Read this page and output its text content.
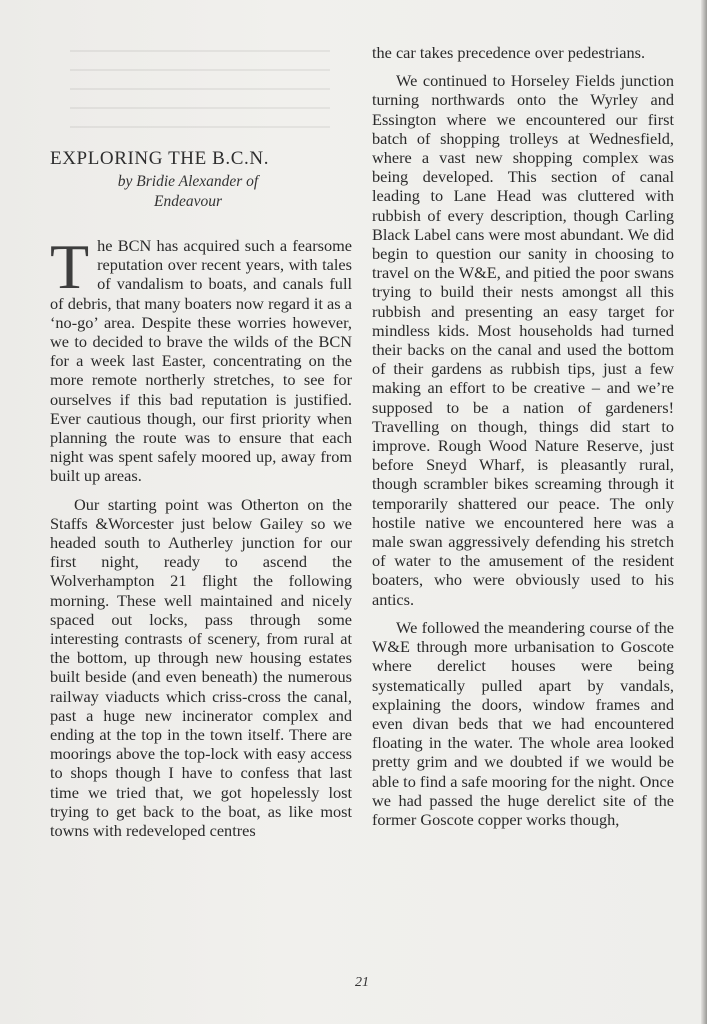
EXPLORING THE B.C.N.
by Bridie Alexander of
Endeavour

The BCN has acquired such a fearsome reputation over recent years, with tales of vandalism to boats, and canals full of debris, that many boaters now regard it as a ‘no-go’ area. Despite these worries however, we to decided to brave the wilds of the BCN for a week last Easter, concentrating on the more remote northerly stretches, to see for ourselves if this bad reputation is justified. Ever cautious though, our first priority when planning the route was to ensure that each night was spent safely moored up, away from built up areas.

Our starting point was Otherton on the Staffs &Worcester just below Gailey so we headed south to Autherley junction for our first night, ready to ascend the Wolverhampton 21 flight the following morning. These well maintained and nicely spaced out locks, pass through some interesting contrasts of scenery, from rural at the bottom, up through new housing estates built beside (and even beneath) the numerous railway viaducts which criss-cross the canal, past a huge new incinerator complex and ending at the top in the town itself. There are moorings above the top-lock with easy access to shops though I have to confess that last time we tried that, we got hopelessly lost trying to get back to the boat, as like most towns with redeveloped centres

the car takes precedence over pedestrians.

We continued to Horseley Fields junction turning northwards onto the Wyrley and Essington where we encountered our first batch of shopping trolleys at Wednesfield, where a vast new shopping complex was being developed. This section of canal leading to Lane Head was cluttered with rubbish of every description, though Carling Black Label cans were most abundant. We did begin to question our sanity in choosing to travel on the W&E, and pitied the poor swans trying to build their nests amongst all this rubbish and presenting an easy target for mindless kids. Most households had turned their backs on the canal and used the bottom of their gardens as rubbish tips, just a few making an effort to be creative – and we’re supposed to be a nation of gardeners! Travelling on though, things did start to improve. Rough Wood Nature Reserve, just before Sneyd Wharf, is pleasantly rural, though scrambler bikes screaming through it temporarily shattered our peace. The only hostile native we encountered here was a male swan aggressively defending his stretch of water to the amusement of the resident boaters, who were obviously used to his antics.

We followed the meandering course of the W&E through more urbanisation to Goscote where derelict houses were being systematically pulled apart by vandals, explaining the doors, window frames and even divan beds that we had encountered floating in the water. The whole area looked pretty grim and we doubted if we would be able to find a safe mooring for the night. Once we had passed the huge derelict site of the former Goscote copper works though,

21
